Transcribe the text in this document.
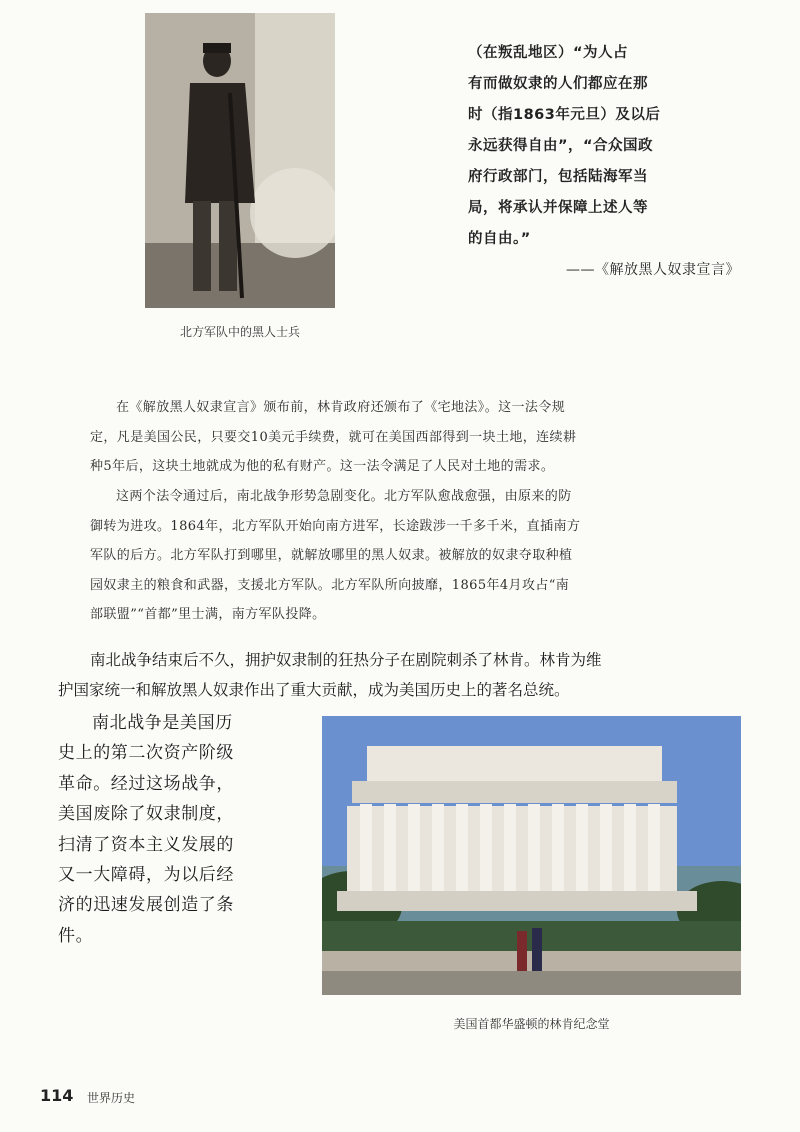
北方军队中的黑人士兵
（在叛乱地区）“为人占
有而做奴隶的人们都应在那
时（指1863年元旦）及以后
永远获得自由”，“合众国政
府行政部门，包括陆海军当
局，将承认并保障上述人等
的自由。”
——《解放黑人奴隶宣言》
在《解放黑人奴隶宣言》颁布前，林肯政府还颁布了《宅地法》。这一法令规
定，凡是美国公民，只要交10美元手续费，就可在美国西部得到一块土地，连续耕
种5年后，这块土地就成为他的私有财产。这一法令满足了人民对土地的需求。
这两个法令通过后，南北战争形势急剧变化。北方军队愈战愈强，由原来的防
御转为进攻。1864年，北方军队开始向南方进军，长途跋涉一千多千米，直插南方
军队的后方。北方军队打到哪里，就解放哪里的黑人奴隶。被解放的奴隶夺取种植
园奴隶主的粮食和武器，支援北方军队。北方军队所向披靡，1865年4月攻占“南
部联盟”“首都”里士满，南方军队投降。
南北战争结束后不久，拥护奴隶制的狂热分子在剧院刺杀了林肯。林肯为维
护国家统一和解放黑人奴隶作出了重大贡献，成为美国历史上的著名总统。
南北战争是美国历
史上的第二次资产阶级
革命。经过这场战争，
美国废除了奴隶制度，
扫清了资本主义发展的
又一大障碍，为以后经
济的迅速发展创造了条
件。
美国首都华盛顿的林肯纪念堂
114 世界历史
